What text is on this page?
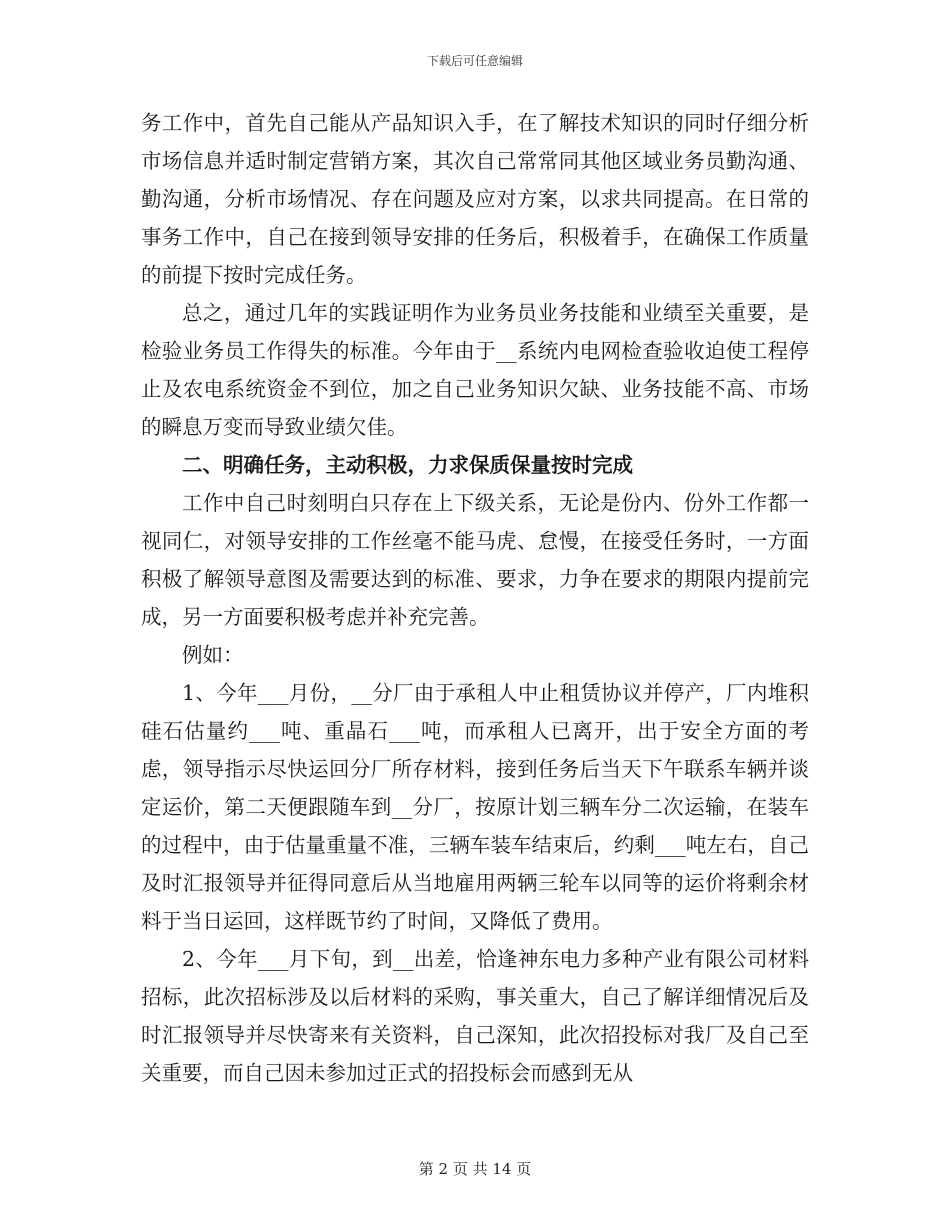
下载后可任意编辑

务工作中，首先自己能从产品知识入手，在了解技术知识的同时仔细分析市场信息并适时制定营销方案，其次自己常常同其他区域业务员勤沟通、勤沟通，分析市场情况、存在问题及应对方案，以求共同提高。在日常的事务工作中，自己在接到领导安排的任务后，积极着手，在确保工作质量的前提下按时完成任务。

总之，通过几年的实践证明作为业务员业务技能和业绩至关重要，是检验业务员工作得失的标准。今年由于__系统内电网检查验收迫使工程停止及农电系统资金不到位，加之自己业务知识欠缺、业务技能不高、市场的瞬息万变而导致业绩欠佳。

二、明确任务，主动积极，力求保质保量按时完成

工作中自己时刻明白只存在上下级关系，无论是份内、份外工作都一视同仁，对领导安排的工作丝毫不能马虎、怠慢，在接受任务时，一方面积极了解领导意图及需要达到的标准、要求，力争在要求的期限内提前完成，另一方面要积极考虑并补充完善。

例如：

1、今年___月份，__分厂由于承租人中止租赁协议并停产，厂内堆积硅石估量约___吨、重晶石___吨，而承租人已离开，出于安全方面的考虑，领导指示尽快运回分厂所存材料，接到任务后当天下午联系车辆并谈定运价，第二天便跟随车到__分厂，按原计划三辆车分二次运输，在装车的过程中，由于估量重量不准，三辆车装车结束后，约剩___吨左右，自己及时汇报领导并征得同意后从当地雇用两辆三轮车以同等的运价将剩余材料于当日运回，这样既节约了时间，又降低了费用。

2、今年___月下旬，到__出差，恰逢神东电力多种产业有限公司材料招标，此次招标涉及以后材料的采购，事关重大，自己了解详细情况后及时汇报领导并尽快寄来有关资料，自己深知，此次招投标对我厂及自己至关重要，而自己因未参加过正式的招投标会而感到无从

第 2 页 共 14 页
